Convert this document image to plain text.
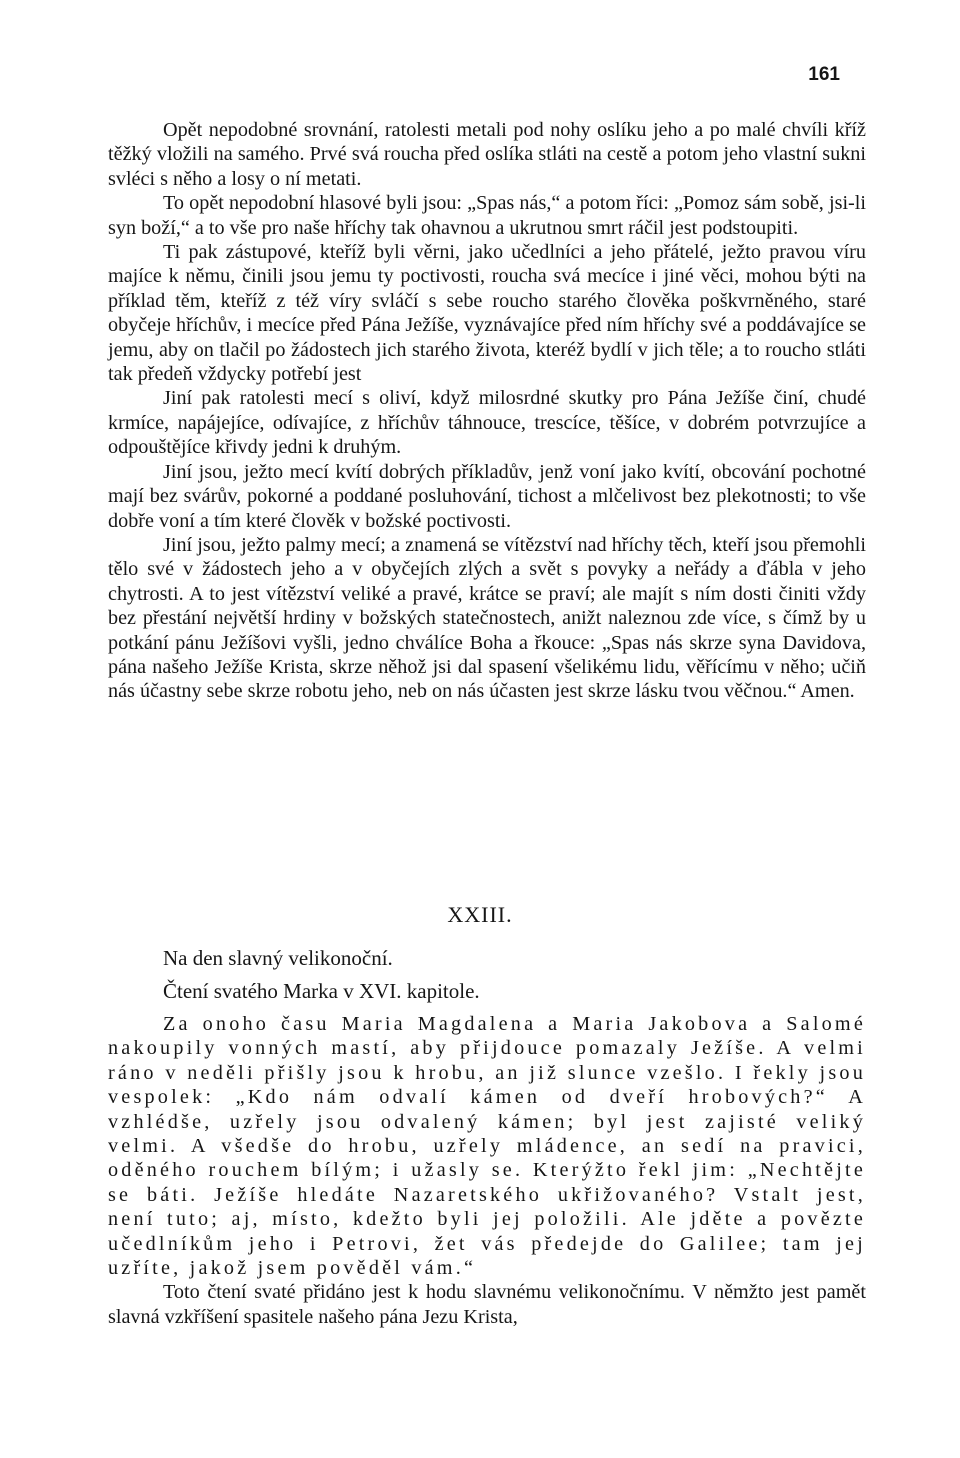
161

Opět nepodobné srovnání, ratolesti metali pod nohy oslíku jeho a po malé chvíli kříž těžký vložili na samého. Prvé svá roucha před oslíka stláti na cestě a potom jeho vlastní sukni svléci s něho a losy o ní metati.

To opět nepodobní hlasové byli jsou: „Spas nás,“ a potom říci: „Pomoz sám sobě, jsi-li syn boží,“ a to vše pro naše hříchy tak ohavnou a ukrutnou smrt ráčil jest podstoupiti.

Ti pak zástupové, kteříž byli věrni, jako učedlníci a jeho přátelé, ježto pravou víru majíce k němu, činili jsou jemu ty poctivosti, roucha svá mecíce i jiné věci, mohou býti na příklad těm, kteříž z též víry svláčí s sebe roucho starého člověka poškvrněného, staré obyčeje hříchův, i mecíce před Pána Ježíše, vyznávajíce před ním hříchy své a poddávajíce se jemu, aby on tlačil po žádostech jich starého života, kteréž bydlí v jich těle; a to roucho stláti tak předeň vždycky potřebí jest

Jiní pak ratolesti mecí s oliví, když milosrdné skutky pro Pána Ježíše činí, chudé krmíce, napájejíce, odívajíce, z hříchův táhnouce, trescíce, těšíce, v dobrém potvrzujíce a odpouštějíce křivdy jedni k druhým.

Jiní jsou, ježto mecí kvítí dobrých příkladův, jenž voní jako kvítí, obcování pochotné mají bez svárův, pokorné a poddané posluhování, tichost a mlčelivost bez plekotnosti; to vše dobře voní a tím které člověk v božské poctivosti.

Jiní jsou, ježto palmy mecí; a znamená se vítězství nad hříchy těch, kteří jsou přemohli tělo své v žádostech jeho a v obyčejích zlých a svět s povyky a neřády a ďábla v jeho chytrosti. A to jest vítězství veliké a pravé, krátce se praví; ale majít s ním dosti činiti vždy bez přestání největší hrdiny v božských statečnostech, anižt naleznou zde více, s čímž by u potkání pánu Ježíšovi vyšli, jedno chválíce Boha a řkouce: „Spas nás skrze syna Davidova, pána našeho Ježíše Krista, skrze něhož jsi dal spasení všelikému lidu, věřícímu v něho; učiň nás účastny sebe skrze robotu jeho, neb on nás účasten jest skrze lásku tvou věčnou.“ Amen.

XXIII.
Na den slavný velikonoční.
Čtení svatého Marka v XVI. kapitole.

Za onoho času Maria Magdalena a Maria Jakobova a Salomé nakoupily vonných mastí, aby přijdouce pomazaly Ježíše. A velmi ráno v neděli přišly jsou k hrobu, an již slunce vzešlo. I řekly jsou vespolek: „Kdo nám odvalí kámen od dveří hrobových?“ A vzhlédše, uzřely jsou odvalený kámen; byl jest zajisté veliký velmi. A všedše do hrobu, uzřely mládence, an sedí na pravici, oděného rouchem bílým; i užasly se. Kterýžto řekl jim: „Nechtějte se báti. Ježíše hledáte Nazaretského ukřižovaného? Vstalt jest, není tuto; aj, místo, kdežto byli jej položili. Ale jděte a povězte učedlníkům jeho i Petrovi, žet vás předejde do Galilee; tam jej uzříte, jakož jsem pověděl vám.“

Toto čtení svaté přidáno jest k hodu slavnému velikonočnímu. V němžto jest pamět slavná vzkříšení spasitele našeho pána Jezu Krista,
